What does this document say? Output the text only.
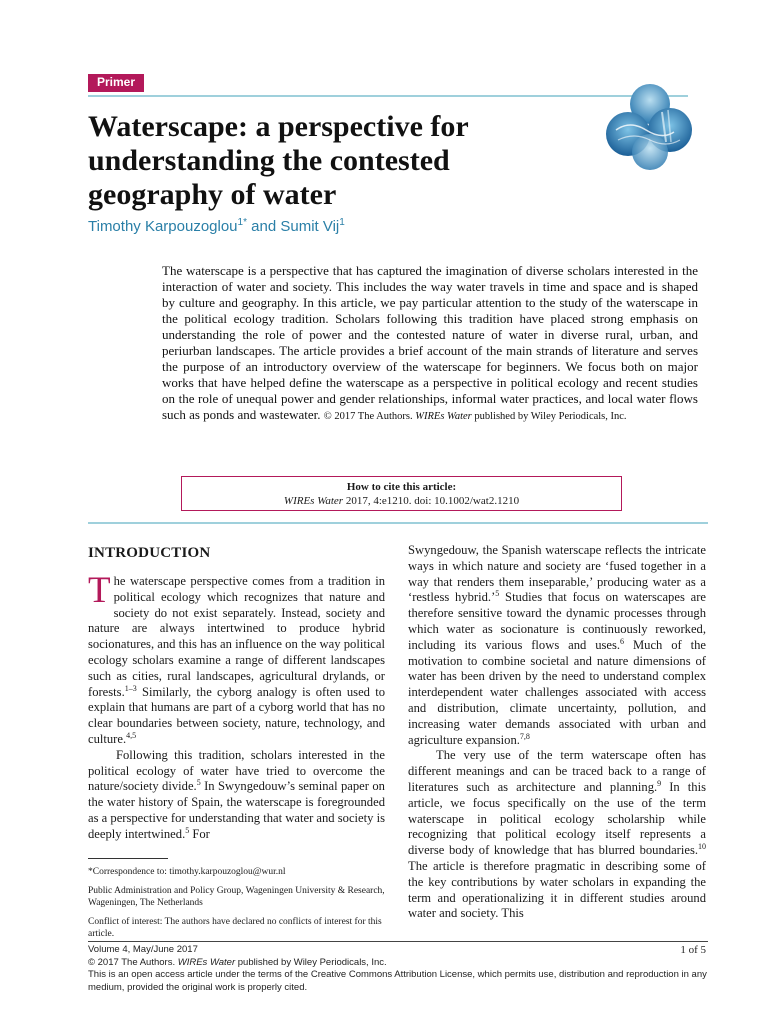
Primer
Waterscape: a perspective for understanding the contested geography of water
Timothy Karpouzoglou$^{1*}$ and Sumit Vij$^1$
The waterscape is a perspective that has captured the imagination of diverse scholars interested in the interaction of water and society. This includes the way water travels in time and space and is shaped by culture and geography. In this article, we pay particular attention to the study of the waterscape in the political ecology tradition. Scholars following this tradition have placed strong emphasis on understanding the role of power and the contested nature of water in diverse rural, urban, and periurban landscapes. The article provides a brief account of the main strands of literature and serves the purpose of an introductory overview of the waterscape for beginners. We focus both on major works that have helped define the waterscape as a perspective in political ecology and recent studies on the role of unequal power and gender relationships, informal water practices, and local water flows such as ponds and wastewater. © 2017 The Authors. WIREs Water published by Wiley Periodicals, Inc.
How to cite this article:
WIREs Water 2017, 4:e1210. doi: 10.1002/wat2.1210
INTRODUCTION

The waterscape perspective comes from a tradition in political ecology which recognizes that nature and society do not exist separately. Instead, society and nature are always intertwined to produce hybrid socionatures, and this has an influence on the way political ecology scholars examine a range of different landscapes such as cities, rural landscapes, agricultural drylands, or forests.$^{1-3}$ Similarly, the cyborg analogy is often used to explain that humans are part of a cyborg world that has no clear boundaries between society, nature, technology, and culture.$^{4,5}$

Following this tradition, scholars interested in the political ecology of water have tried to overcome the nature/society divide.$^5$ In Swyngedouw’s seminal paper on the water history of Spain, the waterscape is foregrounded as a perspective for understanding that water and society is deeply intertwined.$^5$ For

*Correspondence to: timothy.karpouzoglou@wur.nl

Public Administration and Policy Group, Wageningen University & Research, Wageningen, The Netherlands

Conflict of interest: The authors have declared no conflicts of interest for this article.

Swyngedouw, the Spanish waterscape reflects the intricate ways in which nature and society are ‘fused together in a way that renders them inseparable,’ producing water as a ‘restless hybrid.’$^5$ Studies that focus on waterscapes are therefore sensitive toward the dynamic processes through which water as socionature is continuously reworked, including its various flows and uses.$^6$ Much of the motivation to combine societal and nature dimensions of water has been driven by the need to understand complex interdependent water challenges associated with access and distribution, climate uncertainty, pollution, and increasing water demands associated with urban and agriculture expansion.$^{7,8}$

The very use of the term waterscape often has different meanings and can be traced back to a range of literatures such as architecture and planning.$^9$ In this article, we focus specifically on the use of the term waterscape in political ecology scholarship while recognizing that political ecology itself represents a diverse body of knowledge that has blurred boundaries.$^{10}$ The article is therefore pragmatic in describing some of the key contributions by water scholars in expanding the term and operationalizing it in different studies around water and society. This

Volume 4, May/June 2017
© 2017 The Authors. WIREs Water published by Wiley Periodicals, Inc.
This is an open access article under the terms of the Creative Commons Attribution License, which permits use, distribution and reproduction in any medium, provided the original work is properly cited.
1 of 5
